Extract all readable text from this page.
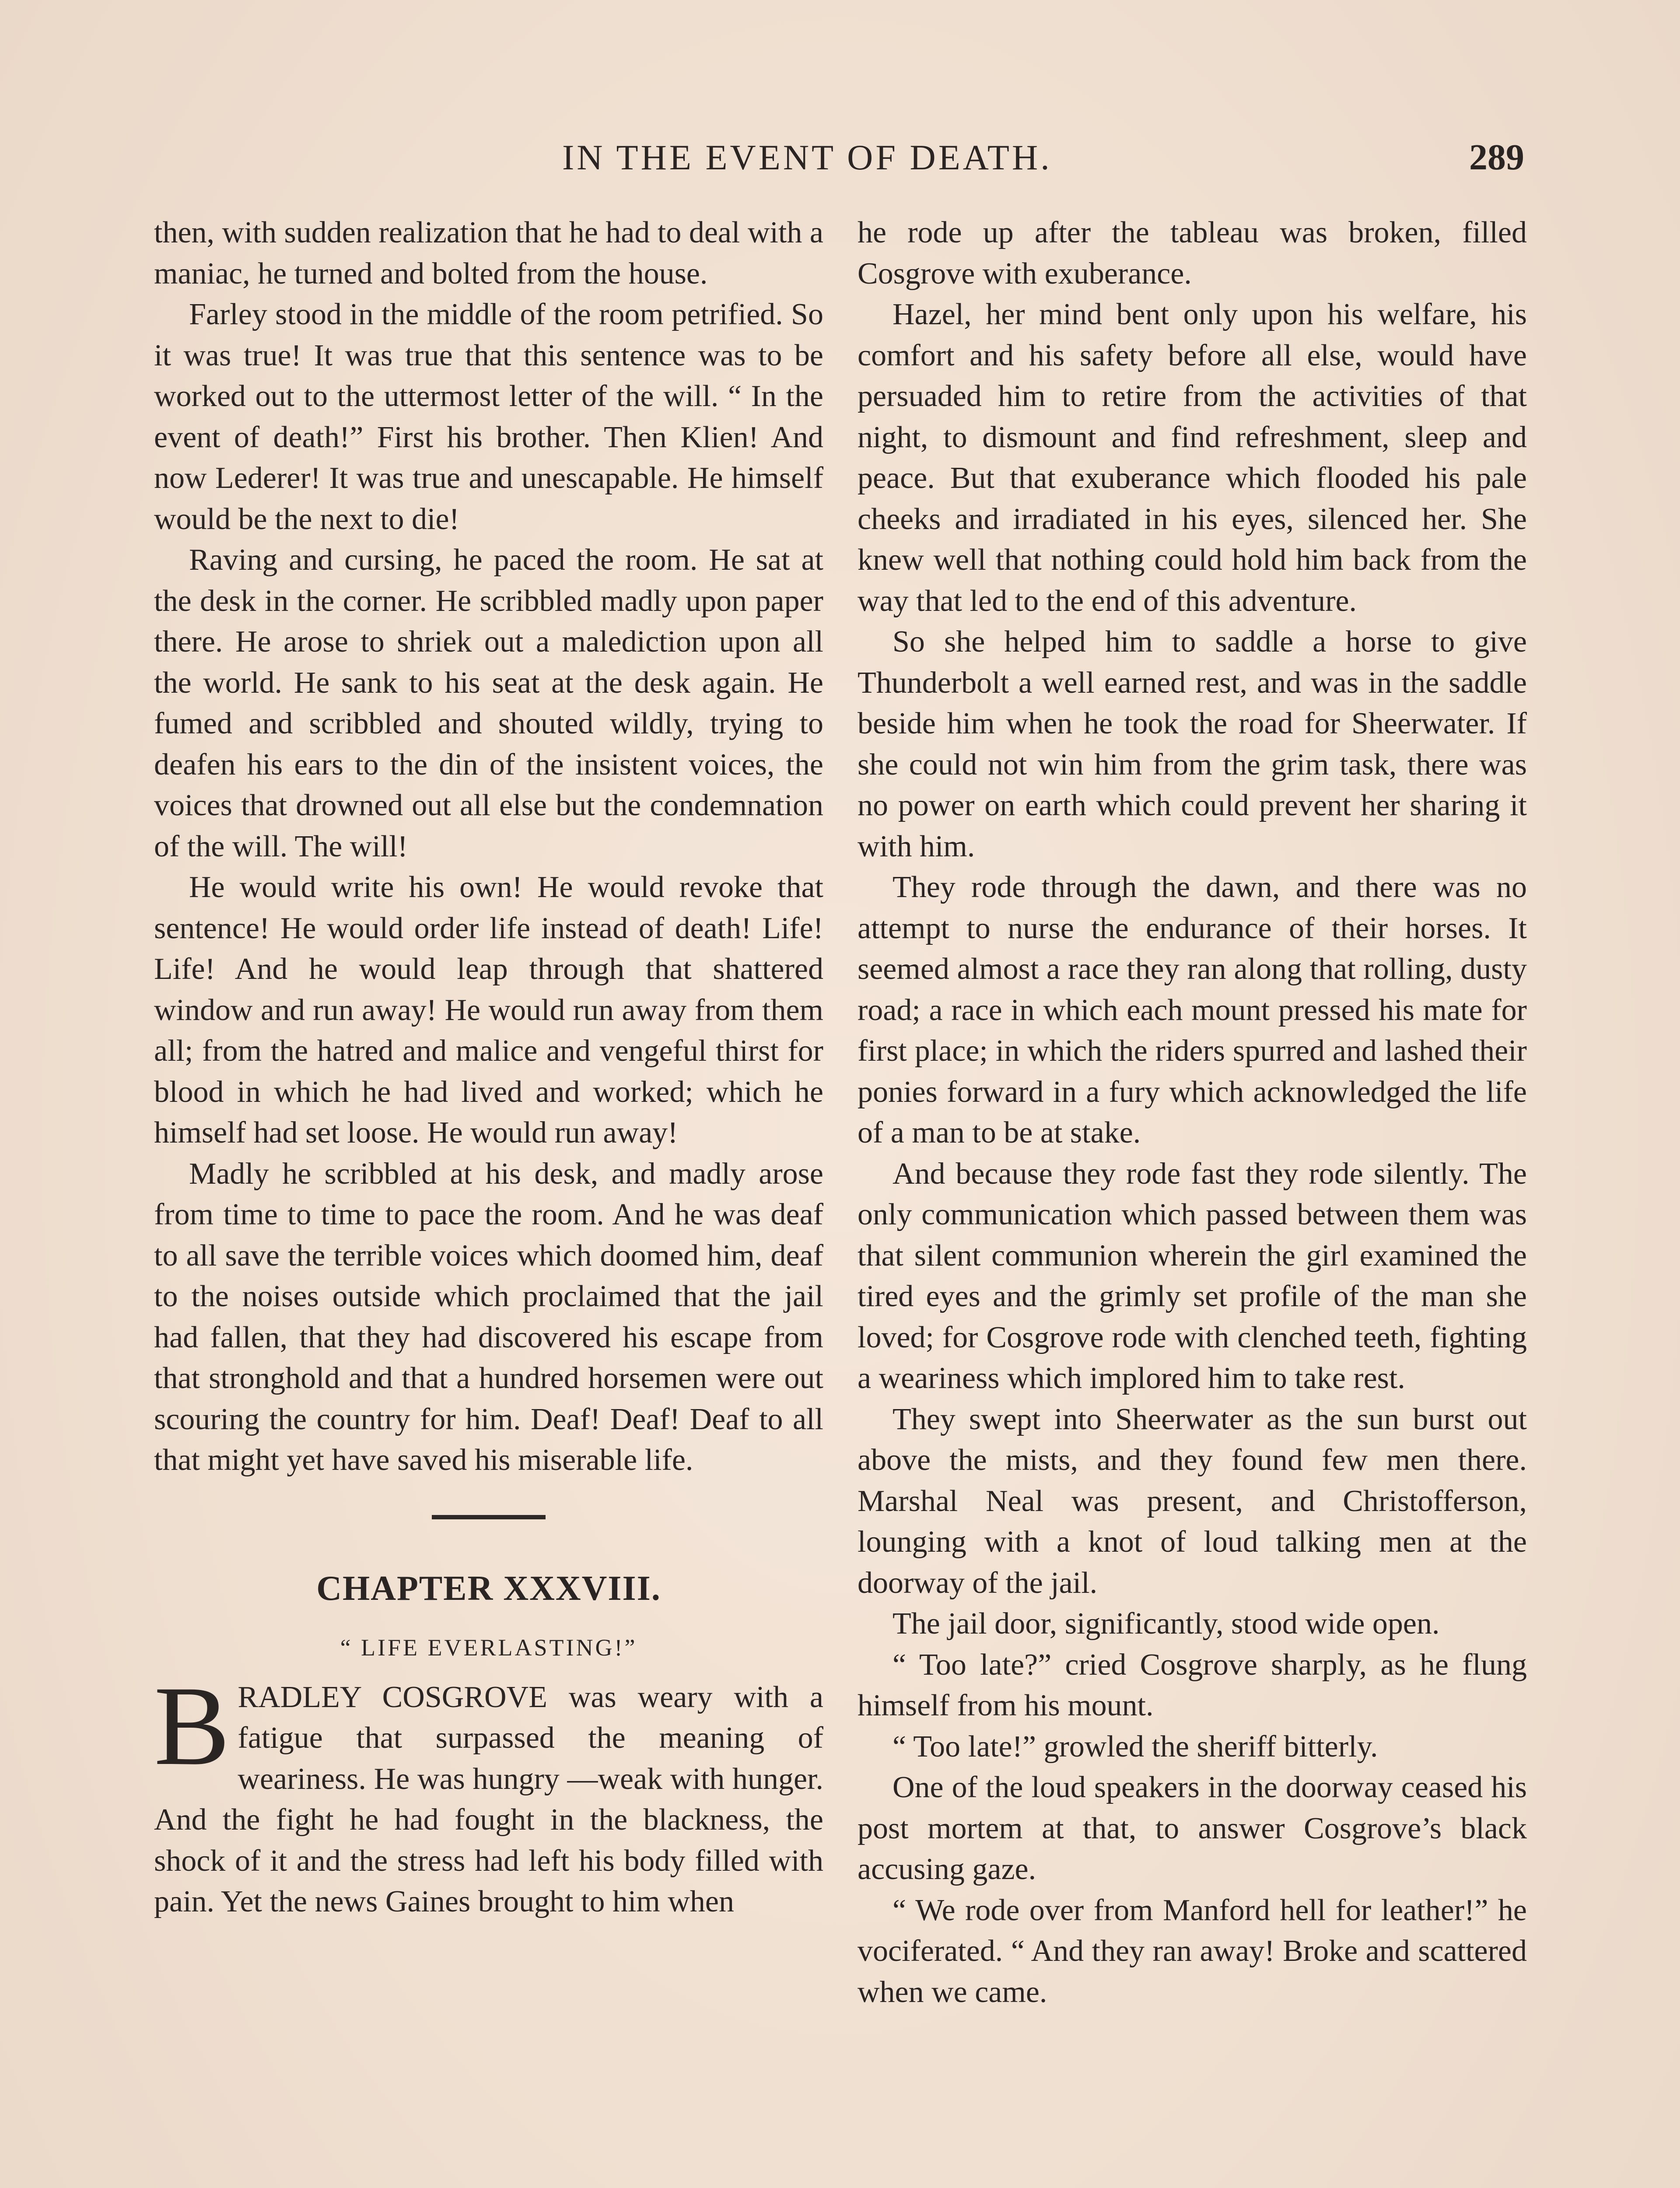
IN THE EVENT OF DEATH.	289

then, with sudden realization that he had to deal with a maniac, he turned and bolted from the house.

Farley stood in the middle of the room petrified. So it was true! It was true that this sentence was to be worked out to the uttermost letter of the will. “ In the event of death!” First his brother. Then Klien! And now Lederer! It was true and unescapable. He himself would be the next to die!

Raving and cursing, he paced the room. He sat at the desk in the corner. He scribbled madly upon paper there. He arose to shriek out a malediction upon all the world. He sank to his seat at the desk again. He fumed and scribbled and shouted wildly, trying to deafen his ears to the din of the insistent voices, the voices that drowned out all else but the condemnation of the will. The will!

He would write his own! He would revoke that sentence! He would order life instead of death! Life! Life! And he would leap through that shattered window and run away! He would run away from them all; from the hatred and malice and vengeful thirst for blood in which he had lived and worked; which he himself had set loose. He would run away!

Madly he scribbled at his desk, and madly arose from time to time to pace the room. And he was deaf to all save the terrible voices which doomed him, deaf to the noises outside which proclaimed that the jail had fallen, that they had discovered his escape from that stronghold and that a hundred horsemen were out scouring the country for him. Deaf! Deaf! Deaf to all that might yet have saved his miserable life.

CHAPTER XXXVIII.
“ LIFE EVERLASTING!”

B RADLEY COSGROVE was weary with a fatigue that surpassed the meaning of weariness. He was hungry —weak with hunger. And the fight he had fought in the blackness, the shock of it and the stress had left his body filled with pain. Yet the news Gaines brought to him when

he rode up after the tableau was broken, filled Cosgrove with exuberance.

Hazel, her mind bent only upon his welfare, his comfort and his safety before all else, would have persuaded him to retire from the activities of that night, to dismount and find refreshment, sleep and peace. But that exuberance which flooded his pale cheeks and irradiated in his eyes, silenced her. She knew well that nothing could hold him back from the way that led to the end of this adventure.

So she helped him to saddle a horse to give Thunderbolt a well earned rest, and was in the saddle beside him when he took the road for Sheerwater. If she could not win him from the grim task, there was no power on earth which could prevent her sharing it with him.

They rode through the dawn, and there was no attempt to nurse the endurance of their horses. It seemed almost a race they ran along that rolling, dusty road; a race in which each mount pressed his mate for first place; in which the riders spurred and lashed their ponies forward in a fury which acknowledged the life of a man to be at stake.

And because they rode fast they rode silently. The only communication which passed between them was that silent communion wherein the girl examined the tired eyes and the grimly set profile of the man she loved; for Cosgrove rode with clenched teeth, fighting a weariness which implored him to take rest.

They swept into Sheerwater as the sun burst out above the mists, and they found few men there. Marshal Neal was present, and Christofferson, lounging with a knot of loud talking men at the doorway of the jail.

The jail door, significantly, stood wide open.

“ Too late?” cried Cosgrove sharply, as he flung himself from his mount.

“ Too late!” growled the sheriff bitterly.

One of the loud speakers in the doorway ceased his post mortem at that, to answer Cosgrove’s black accusing gaze.

“ We rode over from Manford hell for leather!” he vociferated. “ And they ran away! Broke and scattered when we came.
